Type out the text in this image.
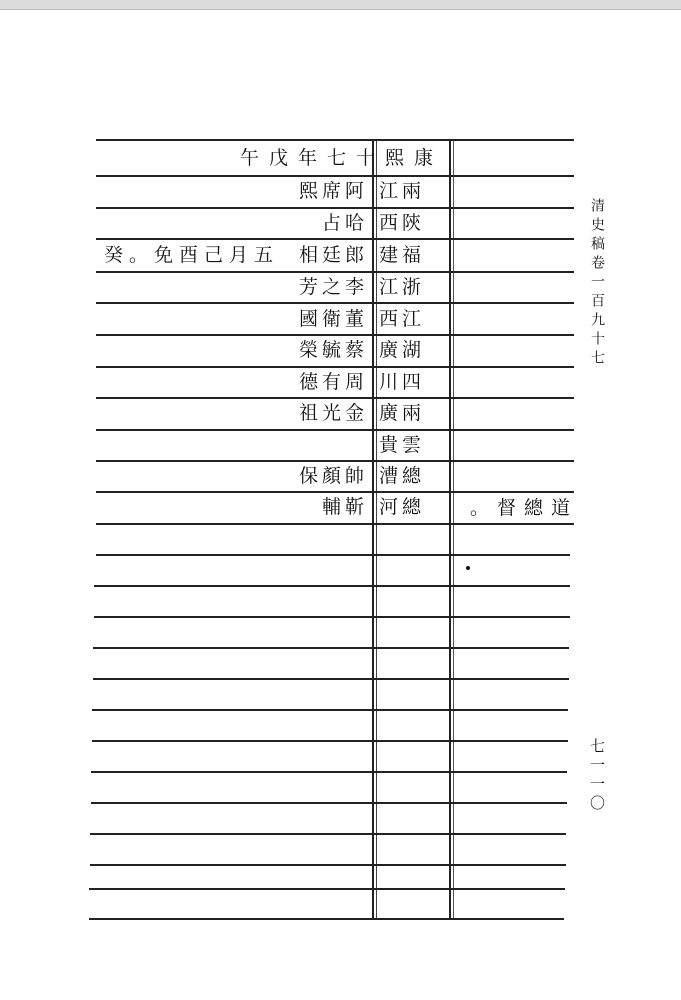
午戊年七十熙康
江兩
熙席阿
西陝
占哈
建福
相廷郎
癸。免酉己月五
江浙
芳之李
西江
國衛董
廣湖
榮毓蔡
川四
德有周
廣兩
祖光金
貴雲
漕總
保顏帥
河總
輔靳	。督總道
清史稿卷一百九十七
七一一〇
